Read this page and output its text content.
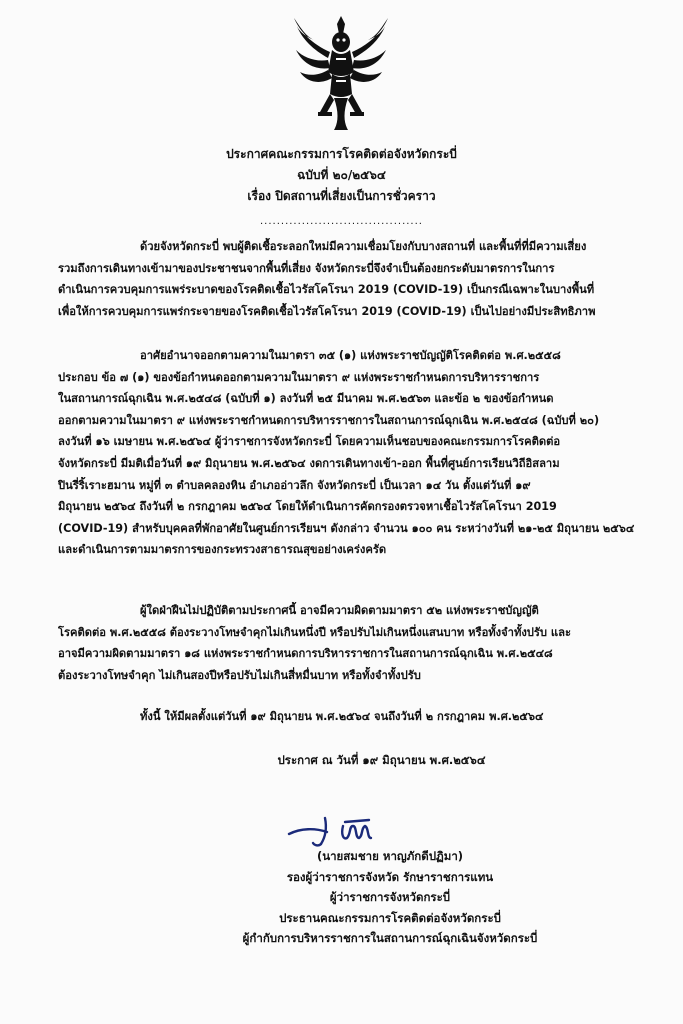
ประกาศคณะกรรมการโรคติดต่อจังหวัดกระบี่
ฉบับที่ ๒๐/๒๕๖๔
เรื่อง ปิดสถานที่เสี่ยงเป็นการชั่วคราว
.......................................
ด้วยจังหวัดกระบี่ พบผู้ติดเชื้อระลอกใหม่มีความเชื่อมโยงกับบางสถานที่ และพื้นที่ที่มีความเสี่ยง
รวมถึงการเดินทางเข้ามาของประชาชนจากพื้นที่เสี่ยง จังหวัดกระบี่จึงจำเป็นต้องยกระดับมาตรการในการ
ดำเนินการควบคุมการแพร่ระบาดของโรคติดเชื้อไวรัสโคโรนา 2019 (COVID-19) เป็นกรณีเฉพาะในบางพื้นที่
เพื่อให้การควบคุมการแพร่กระจายของโรคติดเชื้อไวรัสโคโรนา 2019 (COVID-19) เป็นไปอย่างมีประสิทธิภาพ
อาศัยอำนาจออกตามความในมาตรา ๓๕ (๑) แห่งพระราชบัญญัติโรคติดต่อ พ.ศ.๒๕๕๘
ประกอบ ข้อ ๗ (๑) ของข้อกำหนดออกตามความในมาตรา ๙ แห่งพระราชกำหนดการบริหารราชการ
ในสถานการณ์ฉุกเฉิน พ.ศ.๒๕๔๘ (ฉบับที่ ๑) ลงวันที่ ๒๕ มีนาคม พ.ศ.๒๕๖๓ และข้อ ๒ ของข้อกำหนด
ออกตามความในมาตรา ๙ แห่งพระราชกำหนดการบริหารราชการในสถานการณ์ฉุกเฉิน พ.ศ.๒๕๔๘ (ฉบับที่ ๒๐)
ลงวันที่ ๑๖ เมษายน พ.ศ.๒๕๖๔ ผู้ว่าราชการจังหวัดกระบี่ โดยความเห็นชอบของคณะกรรมการโรคติดต่อ
จังหวัดกระบี่ มีมติเมื่อวันที่ ๑๙ มิถุนายน พ.ศ.๒๕๖๔ งดการเดินทางเข้า-ออก พื้นที่ศูนย์การเรียนวิถีอิสลาม
ปินรี่ริ้เราะฮมาน หมู่ที่ ๓ ตำบลคลองหิน อำเภออ่าวลึก จังหวัดกระบี่ เป็นเวลา ๑๔ วัน ตั้งแต่วันที่ ๑๙
มิถุนายน ๒๕๖๔ ถึงวันที่ ๒ กรกฎาคม ๒๕๖๔ โดยให้ดำเนินการคัดกรองตรวจหาเชื้อไวรัสโคโรนา 2019
(COVID-19) สำหรับบุคคลที่พักอาศัยในศูนย์การเรียนฯ ดังกล่าว จำนวน ๑๐๐ คน ระหว่างวันที่ ๒๑-๒๕ มิถุนายน ๒๕๖๔
และดำเนินการตามมาตรการของกระทรวงสาธารณสุขอย่างเคร่งครัด
ผู้ใดฝ่าฝืนไม่ปฏิบัติตามประกาศนี้ อาจมีความผิดตามมาตรา ๕๒ แห่งพระราชบัญญัติ
โรคติดต่อ พ.ศ.๒๕๕๘ ต้องระวางโทษจำคุกไม่เกินหนึ่งปี หรือปรับไม่เกินหนึ่งแสนบาท หรือทั้งจำทั้งปรับ และ
อาจมีความผิดตามมาตรา ๑๘ แห่งพระราชกำหนดการบริหารราชการในสถานการณ์ฉุกเฉิน พ.ศ.๒๕๔๘
ต้องระวางโทษจำคุก ไม่เกินสองปีหรือปรับไม่เกินสี่หมื่นบาท หรือทั้งจำทั้งปรับ
ทั้งนี้ ให้มีผลตั้งแต่วันที่ ๑๙ มิถุนายน พ.ศ.๒๕๖๔ จนถึงวันที่ ๒ กรกฎาคม พ.ศ.๒๕๖๔
ประกาศ ณ วันที่ ๑๙ มิถุนายน พ.ศ.๒๕๖๔
(นายสมชาย หาญภักดีปฏิมา)
รองผู้ว่าราชการจังหวัด รักษาราชการแทน
ผู้ว่าราชการจังหวัดกระบี่
ประธานคณะกรรมการโรคติดต่อจังหวัดกระบี่
ผู้กำกับการบริหารราชการในสถานการณ์ฉุกเฉินจังหวัดกระบี่
